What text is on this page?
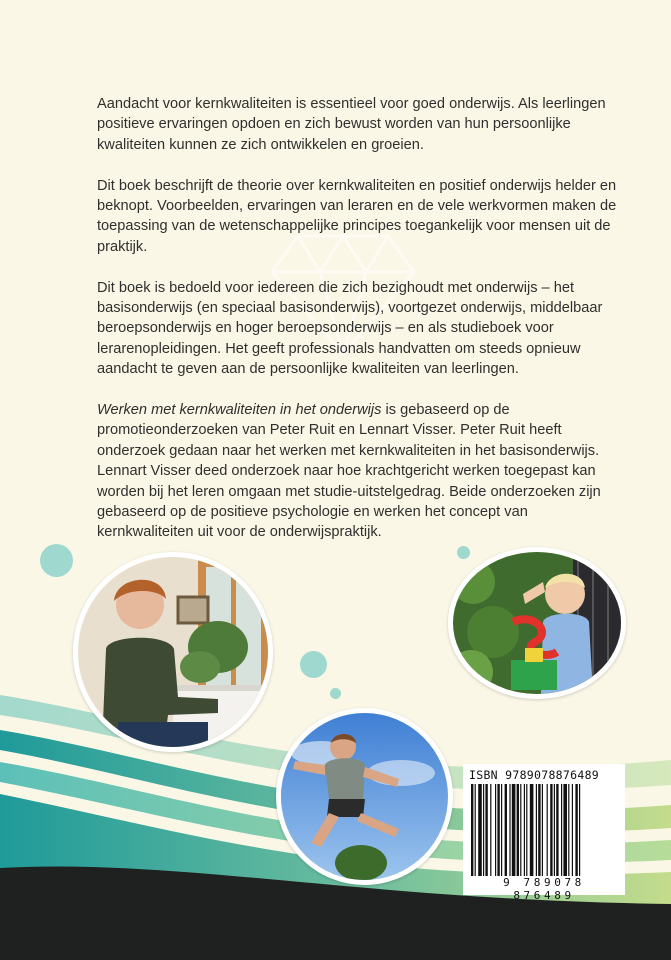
Aandacht voor kernkwaliteiten is essentieel voor goed onderwijs. Als leerlingen positieve ervaringen opdoen en zich bewust worden van hun persoonlijke kwaliteiten kunnen ze zich ontwikkelen en groeien.

Dit boek beschrijft de theorie over kernkwaliteiten en positief onderwijs helder en beknopt. Voorbeelden, ervaringen van leraren en de vele werkvormen maken de toepassing van de wetenschappelijke principes toegankelijk voor mensen uit de praktijk.

Dit boek is bedoeld voor iedereen die zich bezighoudt met onderwijs – het basisonderwijs (en speciaal basisonderwijs), voortgezet onderwijs, middelbaar beroepsonderwijs en hoger beroepsonderwijs – en als studieboek voor lerarenopleidingen. Het geeft professionals handvatten om steeds opnieuw aandacht te geven aan de persoonlijke kwaliteiten van leerlingen.

Werken met kernkwaliteiten in het onderwijs is gebaseerd op de promotieonderzoeken van Peter Ruit en Lennart Visser. Peter Ruit heeft onderzoek gedaan naar het werken met kernkwaliteiten in het basisonderwijs. Lennart Visser deed onderzoek naar hoe krachtgericht werken toegepast kan worden bij het leren omgaan met studie-uitstelgedrag. Beide onderzoeken zijn gebaseerd op de positieve psychologie en werken het concept van kernkwaliteiten uit voor de onderwijspraktijk.

ISBN 9789078876489
9 789078 876489
